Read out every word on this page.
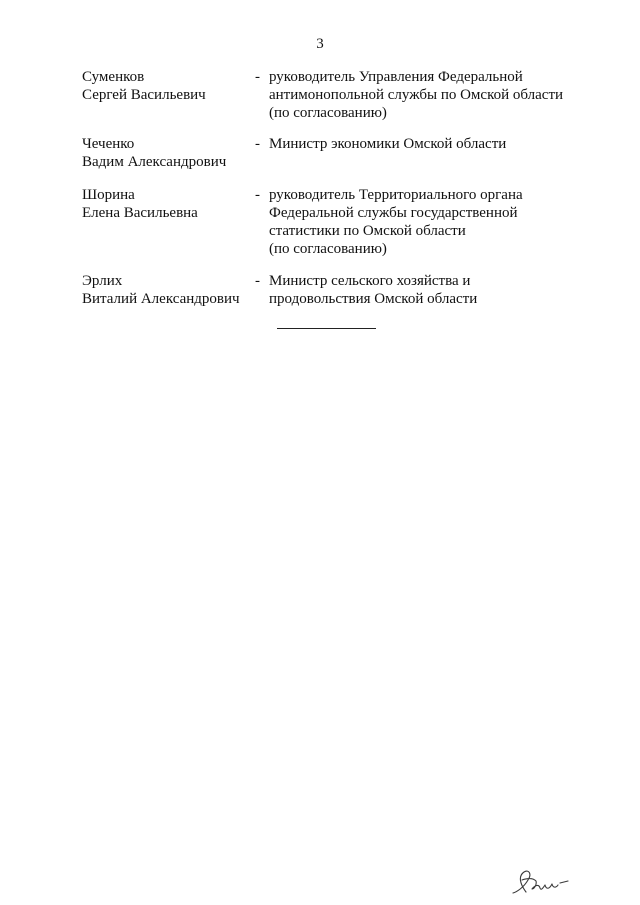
3
Суменков
Сергей Васильевич
- руководитель Управления Федеральной
антимонопольной службы по Омской области
(по согласованию)
Чеченко
Вадим Александрович
- Министр экономики Омской области

Шорина
Елена Васильевна
- руководитель Территориального органа
Федеральной службы государственной
статистики по Омской области
(по согласованию)
Эрлих
Виталий Александрович
- Министр сельского хозяйства и
продовольствия Омской области
